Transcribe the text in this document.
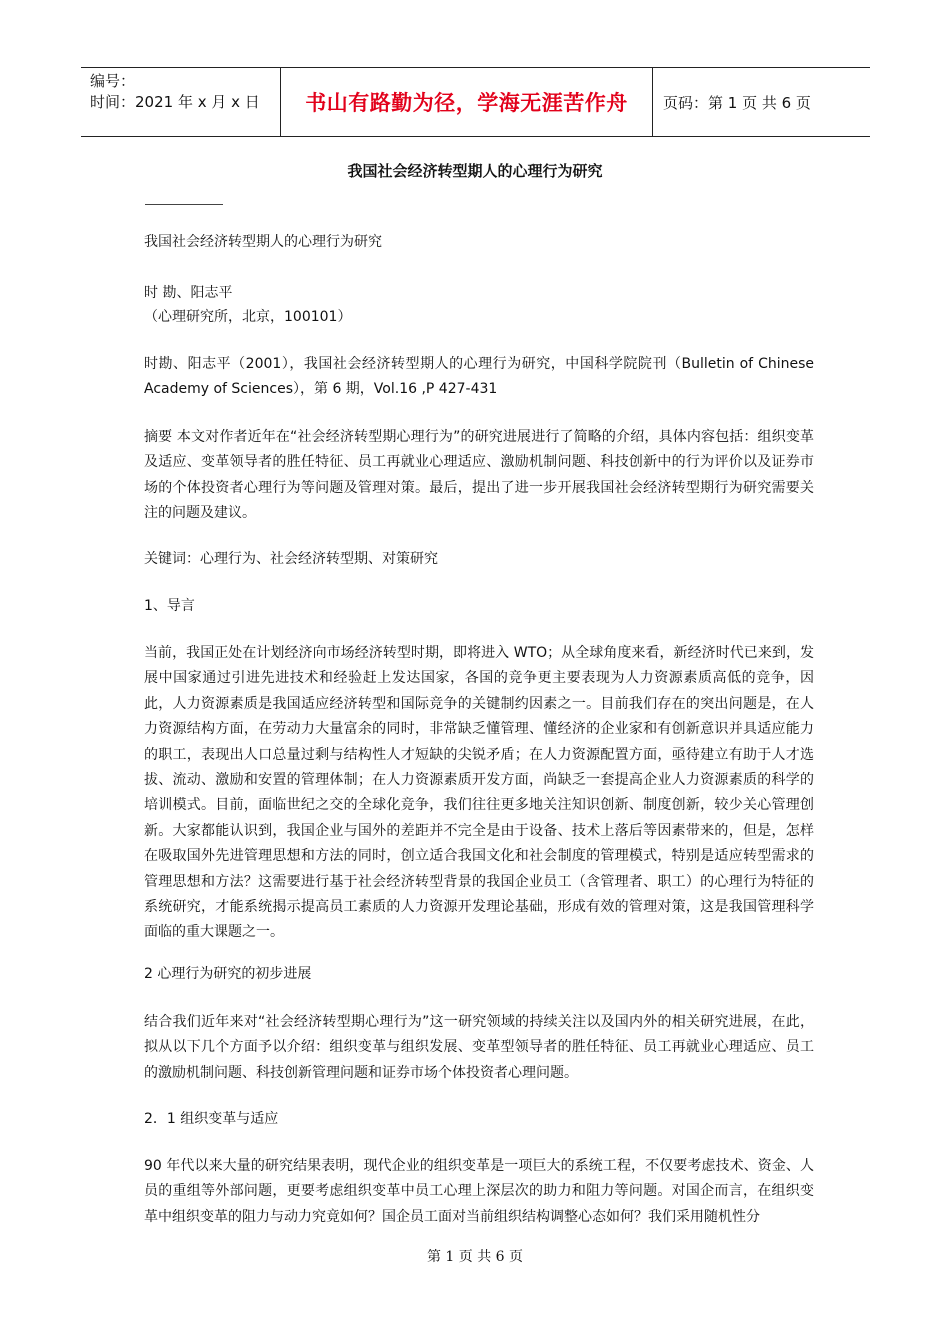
编号：
时间：2021 年 x 月 x 日	书山有路勤为径，学海无涯苦作舟 页码：第 1 页 共 6 页
我国社会经济转型期人的心理行为研究

我国社会经济转型期人的心理行为研究

时 勘、阳志平

（心理研究所，北京，100101）

时勘、阳志平（2001），我国社会经济转型期人的心理行为研究，中国科学院院刊（Bulletin of Chinese Academy of Sciences），第 6 期，Vol.16 ,P 427-431

摘要 本文对作者近年在“社会经济转型期心理行为”的研究进展进行了简略的介绍，具体内容包括：组织变革及适应、变革领导者的胜任特征、员工再就业心理适应、激励机制问题、科技创新中的行为评价以及证券市场的个体投资者心理行为等问题及管理对策。最后，提出了进一步开展我国社会经济转型期行为研究需要关注的问题及建议。

关键词：心理行为、社会经济转型期、对策研究

1、导言

当前，我国正处在计划经济向市场经济转型时期，即将进入 WTO；从全球角度来看，新经济时代已来到，发展中国家通过引进先进技术和经验赶上发达国家，各国的竞争更主要表现为人力资源素质高低的竞争，因此，人力资源素质是我国适应经济转型和国际竞争的关键制约因素之一。目前我们存在的突出问题是，在人力资源结构方面，在劳动力大量富余的同时，非常缺乏懂管理、懂经济的企业家和有创新意识并具适应能力的职工，表现出人口总量过剩与结构性人才短缺的尖锐矛盾；在人力资源配置方面，亟待建立有助于人才选拔、流动、激励和安置的管理体制；在人力资源素质开发方面，尚缺乏一套提高企业人力资源素质的科学的培训模式。目前，面临世纪之交的全球化竞争，我们往往更多地关注知识创新、制度创新，较少关心管理创新。大家都能认识到，我国企业与国外的差距并不完全是由于设备、技术上落后等因素带来的，但是，怎样在吸取国外先进管理思想和方法的同时，创立适合我国文化和社会制度的管理模式，特别是适应转型需求的管理思想和方法？这需要进行基于社会经济转型背景的我国企业员工（含管理者、职工）的心理行为特征的系统研究，才能系统揭示提高员工素质的人力资源开发理论基础，形成有效的管理对策，这是我国管理科学面临的重大课题之一。

2 心理行为研究的初步进展

结合我们近年来对“社会经济转型期心理行为”这一研究领域的持续关注以及国内外的相关研究进展，在此，拟从以下几个方面予以介绍：组织变革与组织发展、变革型领导者的胜任特征、员工再就业心理适应、员工的激励机制问题、科技创新管理问题和证券市场个体投资者心理问题。

2．1 组织变革与适应

90 年代以来大量的研究结果表明，现代企业的组织变革是一项巨大的系统工程，不仅要考虑技术、资金、人员的重组等外部问题，更要考虑组织变革中员工心理上深层次的助力和阻力等问题。对国企而言，在组织变革中组织变革的阻力与动力究竟如何？国企员工面对当前组织结构调整心态如何？我们采用随机性分

第 1 页 共 6 页
